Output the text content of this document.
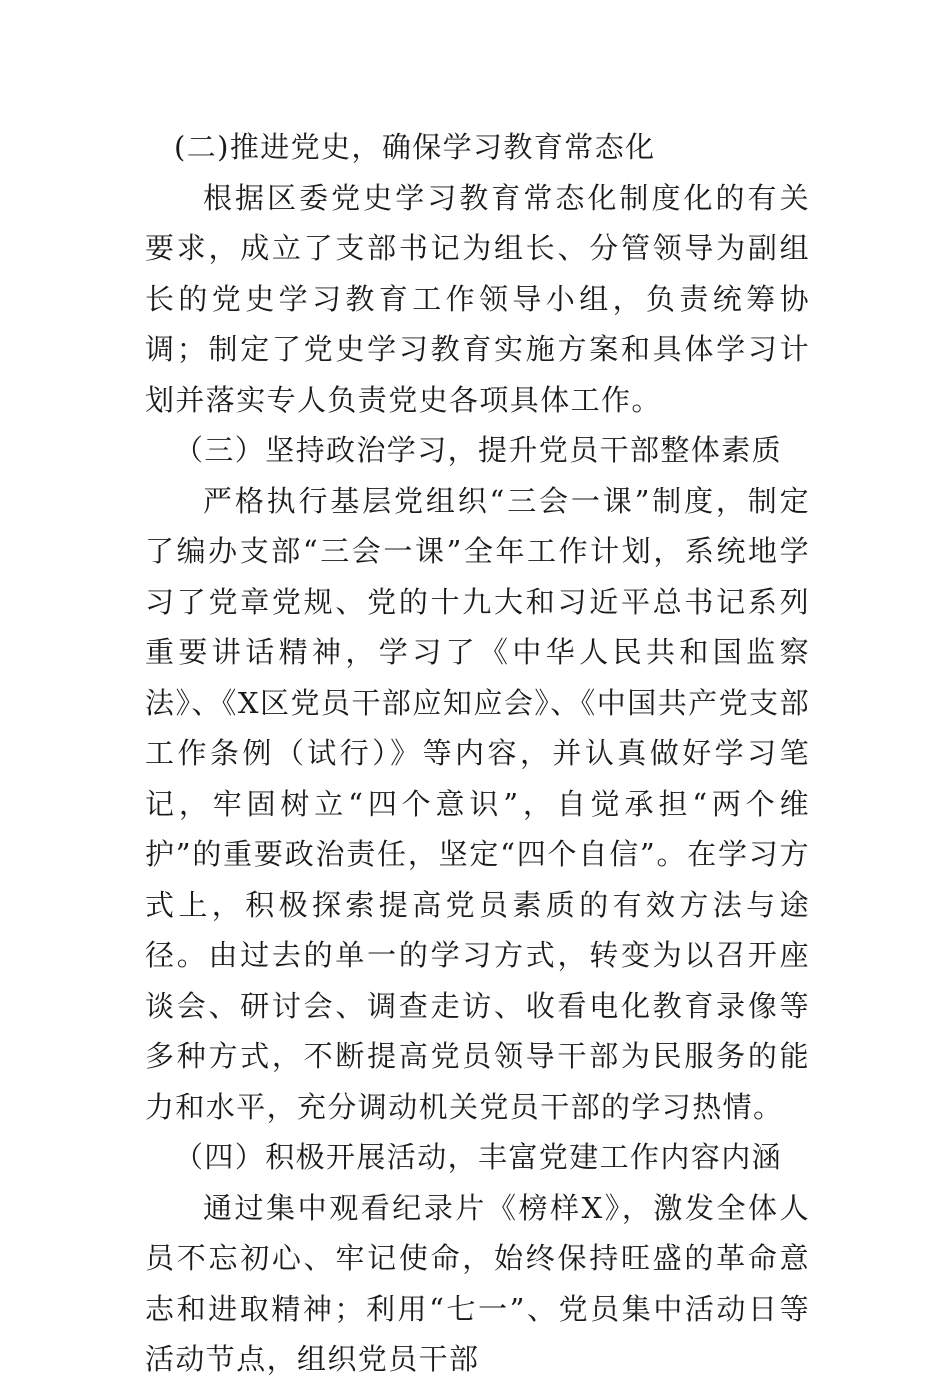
(二)推进党史，确保学习教育常态化

根据区委党史学习教育常态化制度化的有关要求，成立了支部书记为组长、分管领导为副组长的党史学习教育工作领导小组，负责统筹协调；制定了党史学习教育实施方案和具体学习计划并落实专人负责党史各项具体工作。

（三）坚持政治学习，提升党员干部整体素质

严格执行基层党组织“三会一课”制度，制定了编办支部“三会一课”全年工作计划，系统地学习了党章党规、党的十九大和习近平总书记系列重要讲话精神，学习了《中华人民共和国监察法》、《X区党员干部应知应会》、《中国共产党支部工作条例（试行）》等内容，并认真做好学习笔记，牢固树立“四个意识”，自觉承担“两个维护”的重要政治责任，坚定“四个自信”。在学习方式上，积极探索提高党员素质的有效方法与途径。由过去的单一的学习方式，转变为以召开座谈会、研讨会、调查走访、收看电化教育录像等多种方式，不断提高党员领导干部为民服务的能力和水平，充分调动机关党员干部的学习热情。

（四）积极开展活动，丰富党建工作内容内涵

通过集中观看纪录片《榜样X》，激发全体人员不忘初心、牢记使命，始终保持旺盛的革命意志和进取精神；利用“七一”、党员集中活动日等活动节点，组织党员干部
